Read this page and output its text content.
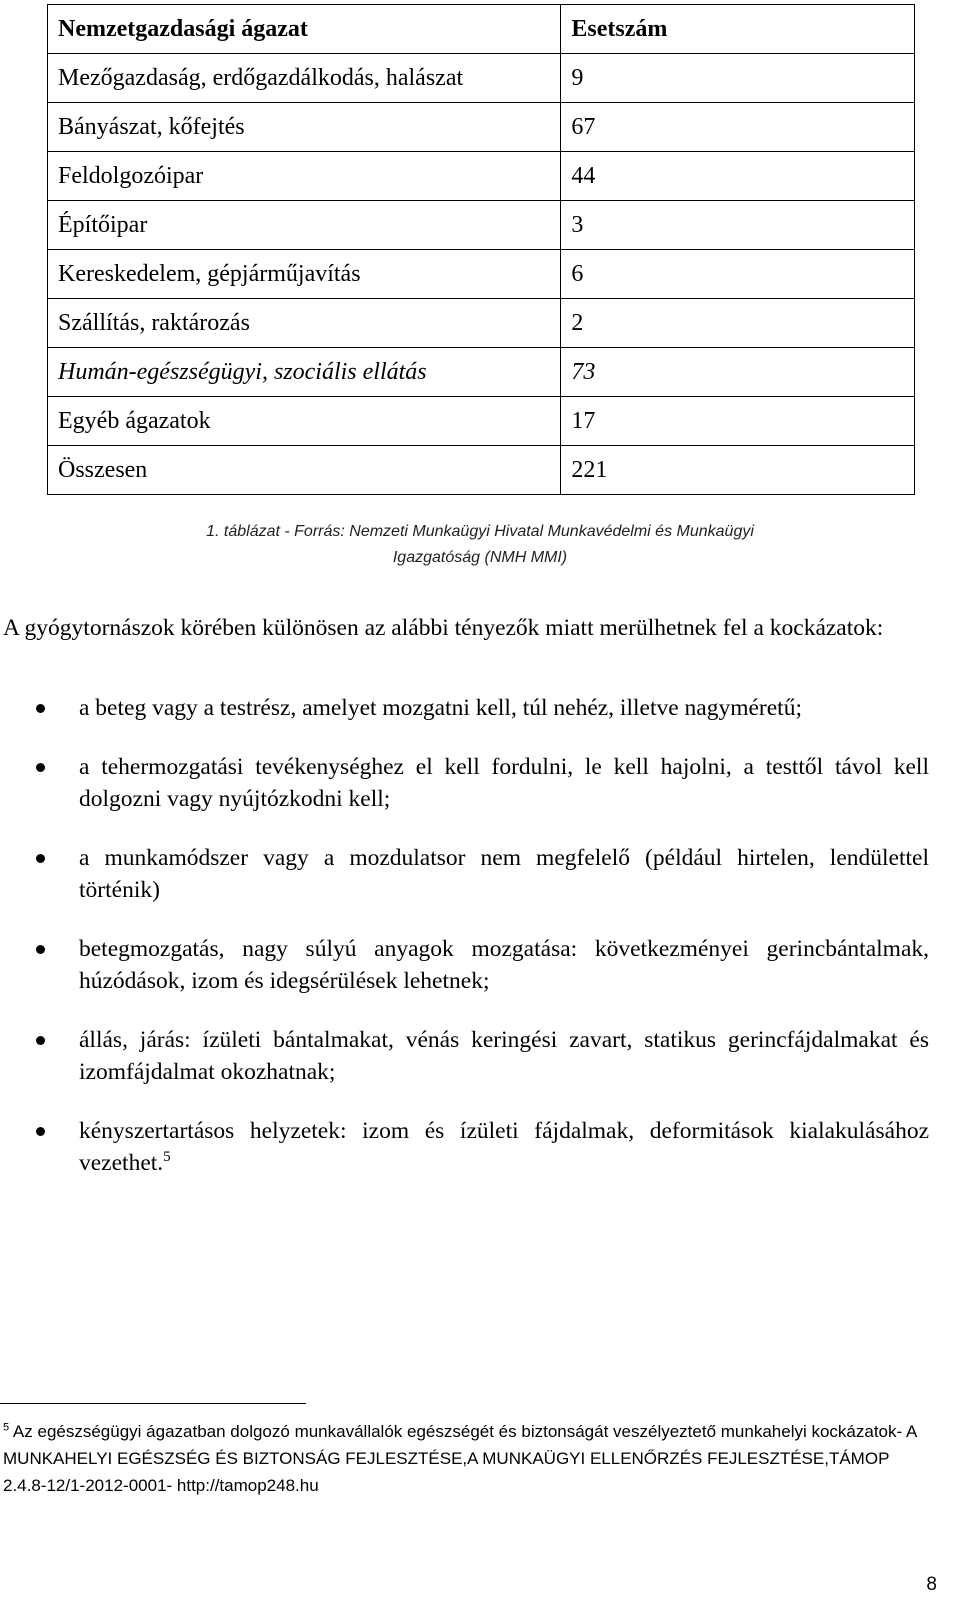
Nemzetgazdasági ágazat	Esetszám
Mezőgazdaság, erdőgazdálkodás, halászat	9
Bányászat, kőfejtés	67
Feldolgozóipar	44
Építőipar	3
Kereskedelem, gépjárműjavítás	6
Szállítás, raktározás	2
Humán-egészségügyi, szociális ellátás	73
Egyéb ágazatok	17
Összesen	221
1. táblázat - Forrás: Nemzeti Munkaügyi Hivatal Munkavédelmi és Munkaügyi
Igazgatóság (NMH MMI)

A gyógytornászok körében különösen az alábbi tényezők miatt merülhetnek fel a kockázatok:

a beteg vagy a testrész, amelyet mozgatni kell, túl nehéz, illetve nagyméretű;
a tehermozgatási tevékenységhez el kell fordulni, le kell hajolni, a testtől távol kell dolgozni vagy nyújtózkodni kell;
a munkamódszer vagy a mozdulatsor nem megfelelő (például hirtelen, lendülettel történik)
betegmozgatás, nagy súlyú anyagok mozgatása: következményei gerincbántalmak, húzódások, izom és idegsérülések lehetnek;
állás, járás: ízületi bántalmakat, vénás keringési zavart, statikus gerincfájdalmakat és izomfájdalmat okozhatnak;
kényszertartásos helyzetek: izom és ízületi fájdalmak, deformitások kialakulásához vezethet.$^5$

$^5$ Az egészségügyi ágazatban dolgozó munkavállalók egészségét és biztonságát veszélyeztető munkahelyi kockázatok- A MUNKAHELYI EGÉSZSÉG ÉS BIZTONSÁG FEJLESZTÉSE,A MUNKAÜGYI ELLENŐRZÉS FEJLESZTÉSE,TÁMOP 2.4.8-12/1-2012-0001- http://tamop248.hu

8
